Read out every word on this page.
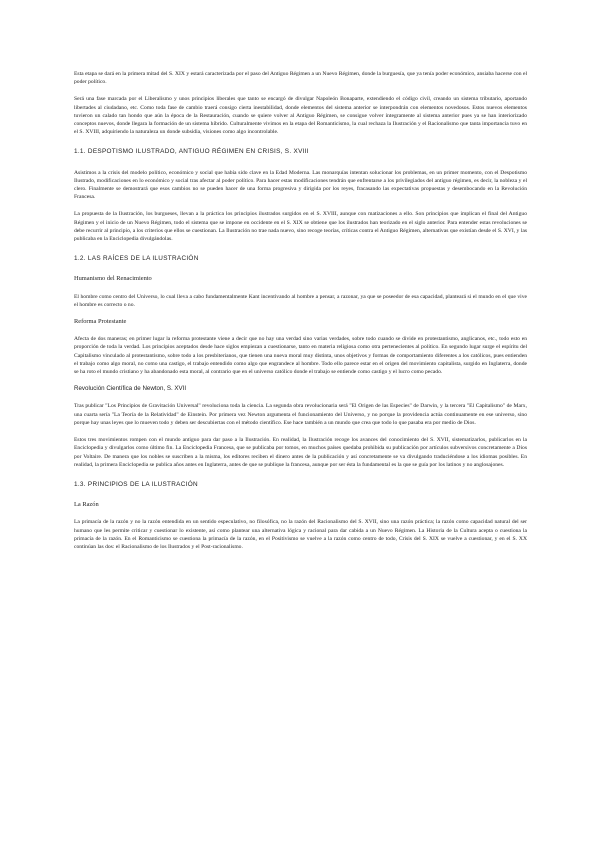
Esta etapa se dará en la primera mitad del S. XIX y estará caracterizada por el paso del Antiguo Régimen a un Nuevo Régimen, donde la burguesía, que ya tenía poder económico, ansiaba hacerse con el poder político.

Será una fase marcada por el Liberalismo y unos principios liberales que tanto se encargó de divulgar Napoleón Bonaparte, extendiendo el código civil, creando un sistema tributario, aportando libertades al ciudadano, etc. Como toda fase de cambio traerá consigo cierta inestabilidad, donde elementos del sistema anterior se interpondrán con elementos novedosos. Estos nuevos elementos tuvieron un calado tan hondo que aún la época de la Restauración, cuando se quiere volver al Antiguo Régimen, se consigue volver íntegramente al sistema anterior pues ya se han interiorizado conceptos nuevos, donde llegara la formación de un sistema híbrido. Culturalmente vivimos en la etapa del Romanticismo, la cual rechaza la Ilustración y el Racionalismo que tanta importancia tuvo en el S. XVIII, adquiriendo la naturaleza un donde subsidia, visiones como algo incontrolable.

1.1. DESPOTISMO ILUSTRADO, ANTIGUO RÉGIMEN EN CRISIS, S. XVIII

Asistimos a la crisis del modelo político, económico y social que había sido clave en la Edad Moderna. Las monarquías intentan solucionar los problemas, en un primer momento, con el Despotismo Ilustrado, modificaciones en lo económico y social tras afectar al poder político. Para hacer estas modificaciones tendrán que enfrentarse a los privilegiados del antiguo régimen, es decir, la nobleza y el clero. Finalmente se demostrará que esos cambios no se pueden hacer de una forma progresiva y dirigida por los reyes, fracasando las expectativas propuestas y desembocando en la Revolución Francesa.

La propuesta de la Ilustración, los burgueses, llevan a la práctica los principios ilustrados surgidos en el S. XVIII, aunque con matizaciones a ello. Son principios que implican el final del Antiguo Régimen y el inicio de un Nuevo Régimen, todo el sistema que se impone en occidente en el S. XIX se obtiene que los ilustrados han teorizado en el siglo anterior. Para entender estas revoluciones se debe recurrir al principio, a los criterios que ellos se cuestionan. La Ilustración no trae nada nuevo, sino recoge teorías, críticas contra el Antiguo Régimen, alternativas que existían desde el S. XVI, y las publicaba en la Enciclopedia divulgándolas.

1.2. LAS RAÍCES DE LA ILUSTRACIÓN
Humanismo del Renacimiento

El hombre como centro del Universo, lo cual lleva a cabo fundamentalmente Kant incentivando al hombre a pensar, a razonar, ya que se poseedor de esa capacidad, planteará si el mundo en el que vive el hombre es correcto o no.

Reforma Protestante

Afecta de dos maneras; en primer lugar la reforma protestante viene a decir que no hay una verdad sino varias verdades, sobre todo cuando se divide en protestantismo, anglicanos, etc., todo esto en proporción de toda la verdad. Los principios aceptados desde hace siglos empiezan a cuestionarse, tanto en materia religiosa como otra pertenecientes al político. En segundo lugar surge el espíritu del Capitalismo vinculado al protestantismo, sobre todo a los presbiterianos, que tienen una nueva moral muy distinta, unos objetivos y formas de comportamiento diferentes a los católicos, pues entienden el trabajo como algo moral, no como una castigo, el trabajo entendido como algo que engrandece al hombre. Todo ello parece estar en el origen del movimiento capitalista, surgido en Inglaterra, donde se ha roto el mundo cristiano y ha abandonado esta moral, al contrario que en el universo católico donde el trabajo se entiende como castigo y el lucro como pecado.

Revolución Científica de Newton, S. XVII

Tras publicar "Los Principios de Gravitación Universal" revoluciona toda la ciencia. La segunda obra revolucionaria será "El Origen de las Especies" de Darwin, y la tercera "El Capitalismo" de Marx, una cuarta sería "La Teoría de la Relatividad" de Einstein. Por primera vez Newton argumenta el funcionamiento del Universo, y no porque la providencia actúa continuamente en ese universo, sino porque hay unas leyes que lo mueven todo y deben ser descubiertas con el método científico. Ese hace también a un mundo que crea que todo lo que pasaba era por medio de Dios.

Estos tres movimientos rompen con el mundo antiguo para dar paso a la Ilustración. En realidad, la Ilustración recoge los avances del conocimiento del S. XVII, sistematizarlos, publicarlos en la Enciclopedia y divulgarlos como último fin. La Enciclopedia Francesa, que se publicaba por tomos, en muchos países quedaba prohibida su publicación por artículos subversivos concretamente a Dios por Voltaire. De manera que los nobles se suscriben a la misma, los editores reciben el dinero antes de la publicación y así concretamente se va divulgando traduciéndose a los idiomas posibles. En realidad, la primera Enciclopedia se publica años antes en Inglaterra, antes de que se publique la francesa, aunque por ser ésta la fundamental es la que se guía por los latinos y no anglosajones.

1.3. PRINCIPIOS DE LA ILUSTRACIÓN
La Razón

La primacía de la razón y no la razón entendida en un sentido especulativo, no filosófica, no la razón del Racionalismo del S. XVII, sino una razón práctica; la razón como capacidad natural del ser humano que les permite criticar y cuestionar lo existente, así como plantear una alternativa lógica y racional para dar cabida a un Nuevo Régimen. La Historia de la Cultura acepta o cuestiona la primacía de la razón. En el Romanticismo se cuestiona la primacía de la razón, en el Positivismo se vuelve a la razón como centro de todo, Crisis del S. XIX se vuelve a cuestionar, y en el S. XX continúan las dos: el Racionalismo de los Ilustrados y el Post-racionalismo.
